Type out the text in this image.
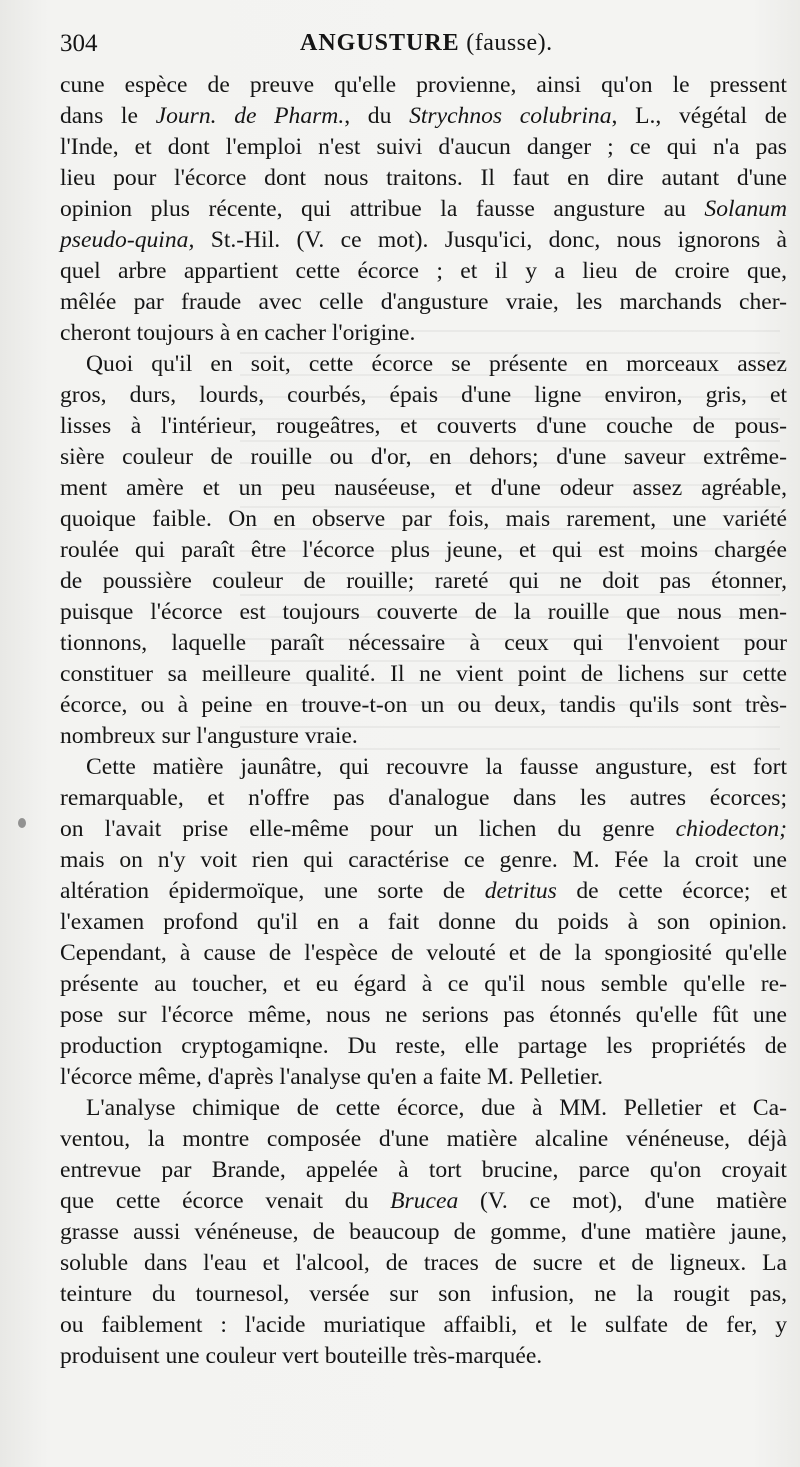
304	ANGUSTURE (fausse).
cune espèce de preuve qu'elle provienne, ainsi qu'on le pressent
dans le Journ. de Pharm., du Strychnos colubrina, L., végétal de
l'Inde, et dont l'emploi n'est suivi d'aucun danger ; ce qui n'a pas
lieu pour l'écorce dont nous traitons. Il faut en dire autant d'une
opinion plus récente, qui attribue la fausse angusture au Solanum
pseudo-quina, St.-Hil. (V. ce mot). Jusqu'ici, donc, nous ignorons à
quel arbre appartient cette écorce ; et il y a lieu de croire que,
mêlée par fraude avec celle d'angusture vraie, les marchands cher-
cheront toujours à en cacher l'origine.
Quoi qu'il en soit, cette écorce se présente en morceaux assez
gros, durs, lourds, courbés, épais d'une ligne environ, gris, et
lisses à l'intérieur, rougeâtres, et couverts d'une couche de pous-
sière couleur de rouille ou d'or, en dehors; d'une saveur extrême-
ment amère et un peu nauséeuse, et d'une odeur assez agréable,
quoique faible. On en observe par fois, mais rarement, une variété
roulée qui paraît être l'écorce plus jeune, et qui est moins chargée
de poussière couleur de rouille; rareté qui ne doit pas étonner,
puisque l'écorce est toujours couverte de la rouille que nous men-
tionnons, laquelle paraît nécessaire à ceux qui l'envoient pour
constituer sa meilleure qualité. Il ne vient point de lichens sur cette
écorce, ou à peine en trouve-t-on un ou deux, tandis qu'ils sont très-
nombreux sur l'angusture vraie.
Cette matière jaunâtre, qui recouvre la fausse angusture, est fort
remarquable, et n'offre pas d'analogue dans les autres écorces;
on l'avait prise elle-même pour un lichen du genre chiodecton;
mais on n'y voit rien qui caractérise ce genre. M. Fée la croit une
altération épidermoïque, une sorte de detritus de cette écorce; et
l'examen profond qu'il en a fait donne du poids à son opinion.
Cependant, à cause de l'espèce de velouté et de la spongiosité qu'elle
présente au toucher, et eu égard à ce qu'il nous semble qu'elle re-
pose sur l'écorce même, nous ne serions pas étonnés qu'elle fût une
production cryptogamiqne. Du reste, elle partage les propriétés de
l'écorce même, d'après l'analyse qu'en a faite M. Pelletier.
L'analyse chimique de cette écorce, due à MM. Pelletier et Ca-
ventou, la montre composée d'une matière alcaline vénéneuse, déjà
entrevue par Brande, appelée à tort brucine, parce qu'on croyait
que cette écorce venait du Brucea (V. ce mot), d'une matière
grasse aussi vénéneuse, de beaucoup de gomme, d'une matière jaune,
soluble dans l'eau et l'alcool, de traces de sucre et de ligneux. La
teinture du tournesol, versée sur son infusion, ne la rougit pas,
ou faiblement : l'acide muriatique affaibli, et le sulfate de fer, y
produisent une couleur vert bouteille très-marquée.
